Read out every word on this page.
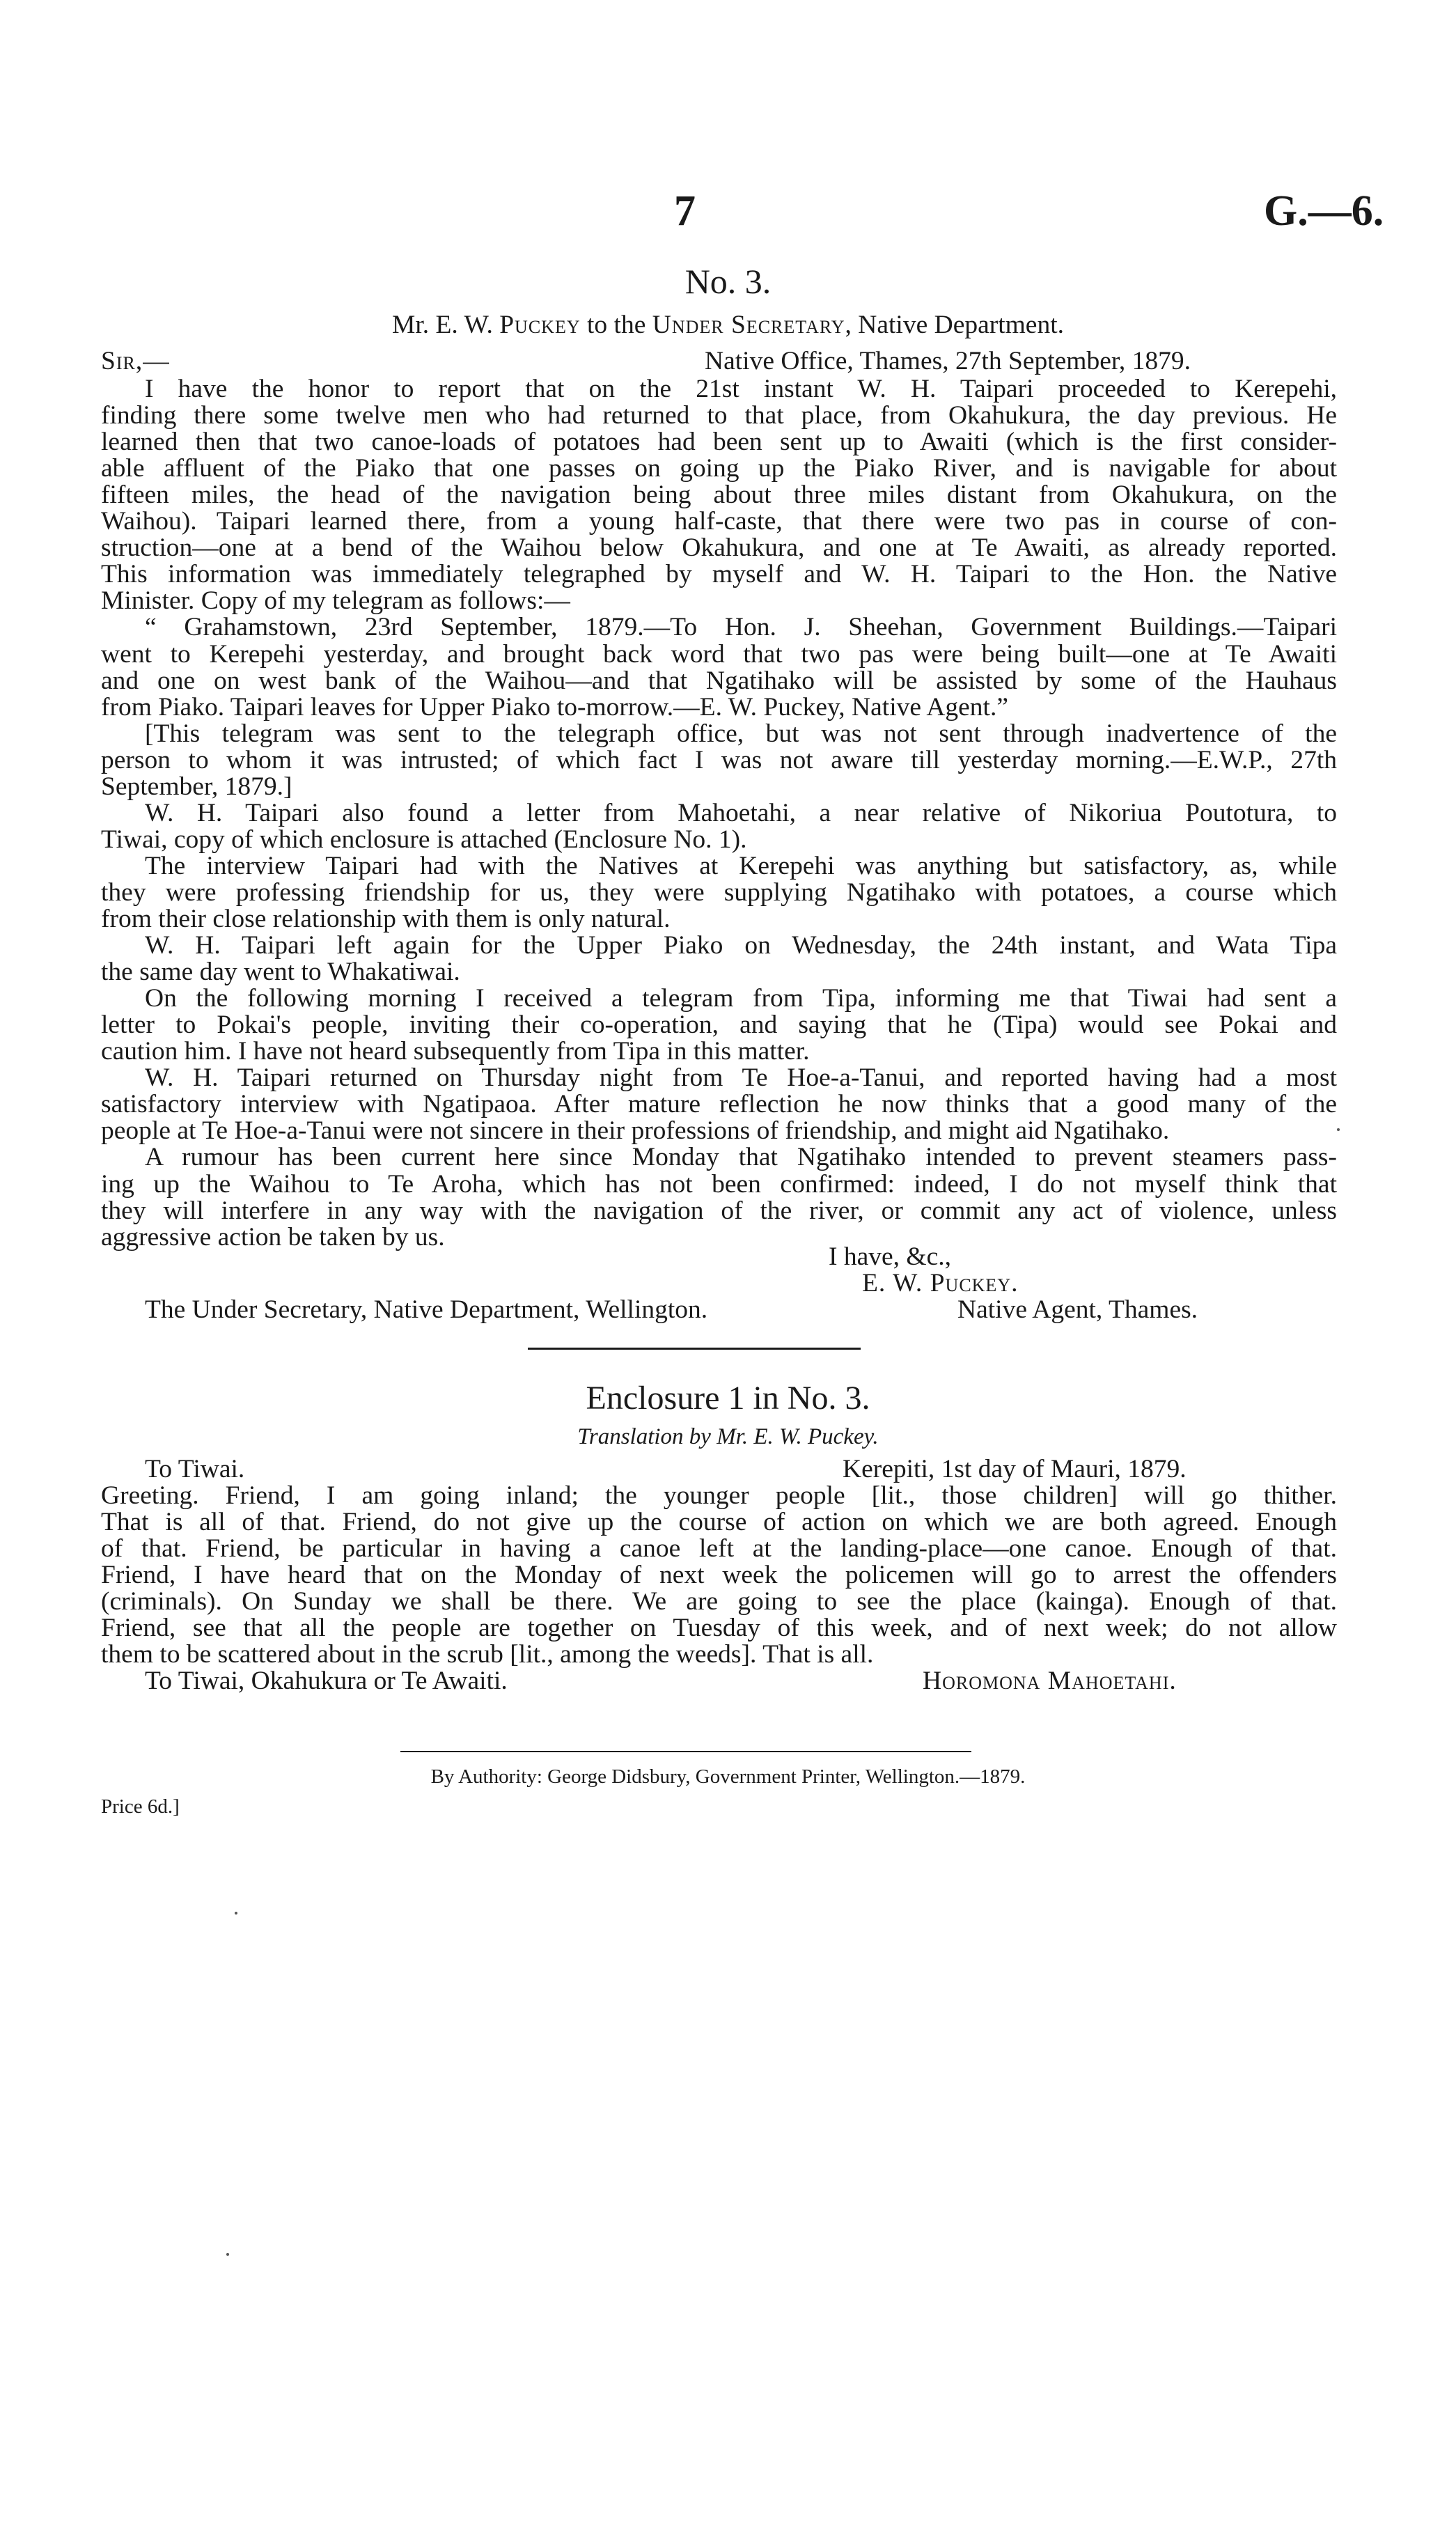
7	G.—6.
No. 3.
Mr. E. W. Puckey to the Under Secretary, Native Department.
Sir,—	Native Office, Thames, 27th September, 1879.
I have the honor to report that on the 21st instant W. H. Taipari proceeded to Kerepehi,
finding there some twelve men who had returned to that place, from Okahukura, the day previous. He
learned then that two canoe-loads of potatoes had been sent up to Awaiti (which is the first consider-
able affluent of the Piako that one passes on going up the Piako River, and is navigable for about
fifteen miles, the head of the navigation being about three miles distant from Okahukura, on the
Waihou). Taipari learned there, from a young half-caste, that there were two pas in course of con-
struction—one at a bend of the Waihou below Okahukura, and one at Te Awaiti, as already reported.
This information was immediately telegraphed by myself and W. H. Taipari to the Hon. the Native
Minister. Copy of my telegram as follows:—
“ Grahamstown, 23rd September, 1879.—To Hon. J. Sheehan, Government Buildings.—Taipari
went to Kerepehi yesterday, and brought back word that two pas were being built—one at Te Awaiti
and one on west bank of the Waihou—and that Ngatihako will be assisted by some of the Hauhaus
from Piako. Taipari leaves for Upper Piako to-morrow.—E. W. Puckey, Native Agent.”
[This telegram was sent to the telegraph office, but was not sent through inadvertence of the
person to whom it was intrusted; of which fact I was not aware till yesterday morning.—E.W.P., 27th
September, 1879.]
W. H. Taipari also found a letter from Mahoetahi, a near relative of Nikoriua Poutotura, to
Tiwai, copy of which enclosure is attached (Enclosure No. 1).
The interview Taipari had with the Natives at Kerepehi was anything but satisfactory, as, while
they were professing friendship for us, they were supplying Ngatihako with potatoes, a course which
from their close relationship with them is only natural.
W. H. Taipari left again for the Upper Piako on Wednesday, the 24th instant, and Wata Tipa
the same day went to Whakatiwai.
On the following morning I received a telegram from Tipa, informing me that Tiwai had sent a
letter to Pokai's people, inviting their co-operation, and saying that he (Tipa) would see Pokai and
caution him. I have not heard subsequently from Tipa in this matter.
W. H. Taipari returned on Thursday night from Te Hoe-a-Tanui, and reported having had a most
satisfactory interview with Ngatipaoa. After mature reflection he now thinks that a good many of the
people at Te Hoe-a-Tanui were not sincere in their professions of friendship, and might aid Ngatihako.
A rumour has been current here since Monday that Ngatihako intended to prevent steamers pass-
ing up the Waihou to Te Aroha, which has not been confirmed: indeed, I do not myself think that
they will interfere in any way with the navigation of the river, or commit any act of violence, unless
aggressive action be taken by us.
I have, &c.,
E. W. Puckey.
The Under Secretary, Native Department, Wellington.	Native Agent, Thames.
Enclosure 1 in No. 3.
Translation by Mr. E. W. Puckey.
To Tiwai.	Kerepiti, 1st day of Mauri, 1879.
Greeting. Friend, I am going inland; the younger people [lit., those children] will go thither.
That is all of that. Friend, do not give up the course of action on which we are both agreed. Enough
of that. Friend, be particular in having a canoe left at the landing-place—one canoe. Enough of that.
Friend, I have heard that on the Monday of next week the policemen will go to arrest the offenders
(criminals). On Sunday we shall be there. We are going to see the place (kainga). Enough of that.
Friend, see that all the people are together on Tuesday of this week, and of next week; do not allow
them to be scattered about in the scrub [lit., among the weeds]. That is all.
To Tiwai, Okahukura or Te Awaiti.	Horomona Mahoetahi.
By Authority: George Didsbury, Government Printer, Wellington.—1879.
Price 6d.]
